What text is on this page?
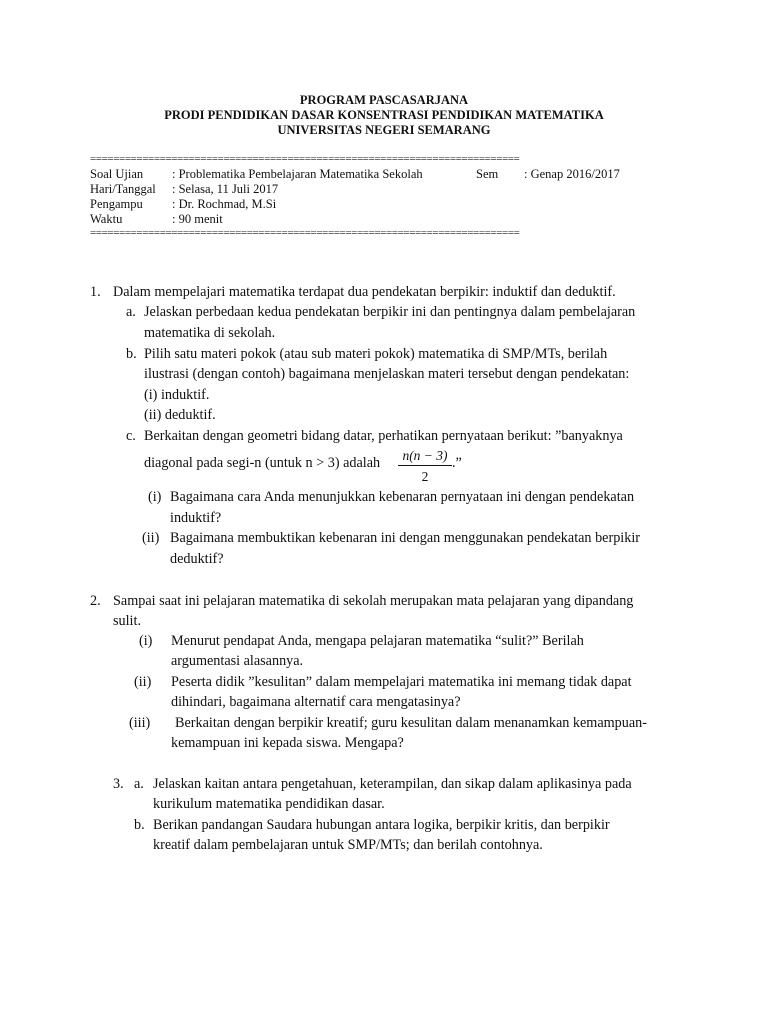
PROGRAM PASCASARJANA
PRODI PENDIDIKAN DASAR KONSENTRASI PENDIDIKAN MATEMATIKA
UNIVERSITAS NEGERI SEMARANG
==========================================================================
Soal Ujian : Problematika Pembelajaran Matematika Sekolah	Sem : Genap 2016/2017
Hari/Tanggal : Selasa, 11 Juli 2017
Pengampu : Dr. Rochmad, M.Si
Waktu	: 90 menit
==========================================================================
1. Dalam mempelajari matematika terdapat dua pendekatan berpikir: induktif dan deduktif.
a. Jelaskan perbedaan kedua pendekatan berpikir ini dan pentingnya dalam pembelajaran
matematika di sekolah.
b. Pilih satu materi pokok (atau sub materi pokok) matematika di SMP/MTs, berilah
ilustrasi (dengan contoh) bagaimana menjelaskan materi tersebut dengan pendekatan:
(i) induktif.
(ii) deduktif.
c. Berkaitan dengan geometri bidang datar, perhatikan pernyataan berikut: ”banyaknya
diagonal pada segi-n (untuk n > 3) adalah $\frac{n(n - 3)}{2}$ .”
(i) Bagaimana cara Anda menunjukkan kebenaran pernyataan ini dengan pendekatan
induktif?
(ii) Bagaimana membuktikan kebenaran ini dengan menggunakan pendekatan berpikir
deduktif?
2. Sampai saat ini pelajaran matematika di sekolah merupakan mata pelajaran yang dipandang
sulit.
(i) Menurut pendapat Anda, mengapa pelajaran matematika “sulit?” Berilah
argumentasi alasannya.
(ii) Peserta didik ”kesulitan” dalam mempelajari matematika ini memang tidak dapat
dihindari, bagaimana alternatif cara mengatasinya?
(iii) Berkaitan dengan berpikir kreatif; guru kesulitan dalam menanamkan kemampuan-
kemampuan ini kepada siswa. Mengapa?
3. a. Jelaskan kaitan antara pengetahuan, keterampilan, dan sikap dalam aplikasinya pada
kurikulum matematika pendidikan dasar.
b. Berikan pandangan Saudara hubungan antara logika, berpikir kritis, dan berpikir
kreatif dalam pembelajaran untuk SMP/MTs; dan berilah contohnya.
